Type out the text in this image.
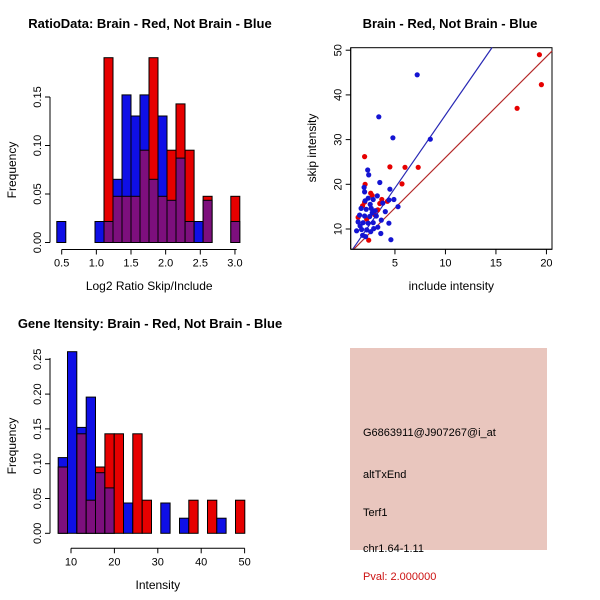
0.5 1.0 1.5 2.0 2.5 3.0
Log2 Ratio Skip/Include
0.00
0.05
0.10
0.15
Frequency
RatioData: Brain - Red, Not Brain - Blue
5	10	15	20
include intensity
10
20
30
40
50
skip intensity
Brain - Red, Not Brain - Blue
10	20	30	40	50
Intensity
0.00
0.05
0.10
0.15
0.20
0.25
Frequency
Gene Itensity: Brain - Red, Not Brain - Blue
G6863911@J907267@i_at
altTxEnd
Terf1
chr1.64-1.11
Pval: 2.000000
